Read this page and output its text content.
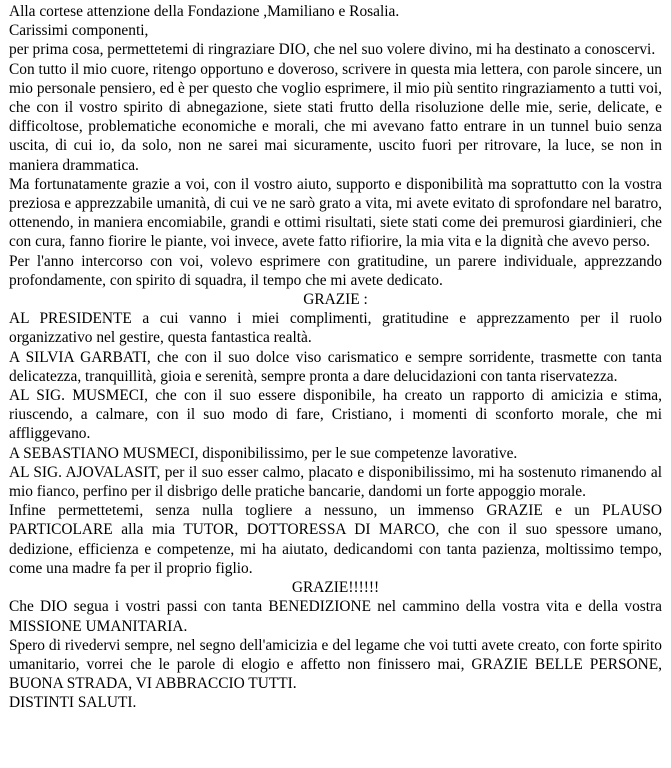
Alla cortese attenzione della Fondazione ,Mamiliano e Rosalia.

Carissimi componenti,

per prima cosa, permettetemi di ringraziare DIO, che nel suo volere divino, mi ha destinato a conoscervi.

Con tutto il mio cuore, ritengo opportuno e doveroso, scrivere in questa mia lettera, con parole sincere, un mio personale pensiero, ed è per questo che voglio esprimere, il mio più sentito ringraziamento a tutti voi, che con il vostro spirito di abnegazione, siete stati frutto della risoluzione delle mie, serie, delicate, e difficoltose, problematiche economiche e morali, che mi avevano fatto entrare in un tunnel buio senza uscita, di cui io, da solo, non ne sarei mai sicuramente, uscito fuori per ritrovare, la luce, se non in maniera drammatica.

Ma fortunatamente grazie a voi, con il vostro aiuto, supporto e disponibilità ma soprattutto con la vostra preziosa e apprezzabile umanità, di cui ve ne sarò grato a vita, mi avete evitato di sprofondare nel baratro, ottenendo, in maniera encomiabile, grandi e ottimi risultati, siete stati come dei premurosi giardinieri, che con cura, fanno fiorire le piante, voi invece, avete fatto rifiorire, la mia vita e la dignità che avevo perso.

Per l'anno intercorso con voi, volevo esprimere con gratitudine, un parere individuale, apprezzando profondamente, con spirito di squadra, il tempo che mi avete dedicato.

GRAZIE :

AL PRESIDENTE a cui vanno i miei complimenti, gratitudine e apprezzamento per il ruolo organizzativo nel gestire, questa fantastica realtà.

A SILVIA GARBATI, che con il suo dolce viso carismatico e sempre sorridente, trasmette con tanta delicatezza, tranquillità, gioia e serenità, sempre pronta a dare delucidazioni con tanta riservatezza.

AL SIG. MUSMECI, che con il suo essere disponibile, ha creato un rapporto di amicizia e stima, riuscendo, a calmare, con il suo modo di fare, Cristiano, i momenti di sconforto morale, che mi affliggevano.

A SEBASTIANO MUSMECI, disponibilissimo, per le sue competenze lavorative.

AL SIG. AJOVALASIT, per il suo esser calmo, placato e disponibilissimo, mi ha sostenuto rimanendo al mio fianco, perfino per il disbrigo delle pratiche bancarie, dandomi un forte appoggio morale.

Infine permettetemi, senza nulla togliere a nessuno, un immenso GRAZIE e un PLAUSO PARTICOLARE alla mia TUTOR, DOTTORESSA DI MARCO, che con il suo spessore umano, dedizione, efficienza e competenze, mi ha aiutato, dedicandomi con tanta pazienza, moltissimo tempo, come una madre fa per il proprio figlio.

GRAZIE!!!!!!

Che DIO segua i vostri passi con tanta BENEDIZIONE nel cammino della vostra vita e della vostra MISSIONE UMANITARIA.

Spero di rivedervi sempre, nel segno dell'amicizia e del legame che voi tutti avete creato, con forte spirito umanitario, vorrei che le parole di elogio e affetto non finissero mai, GRAZIE BELLE PERSONE, BUONA STRADA, VI ABBRACCIO TUTTI.

DISTINTI SALUTI.
